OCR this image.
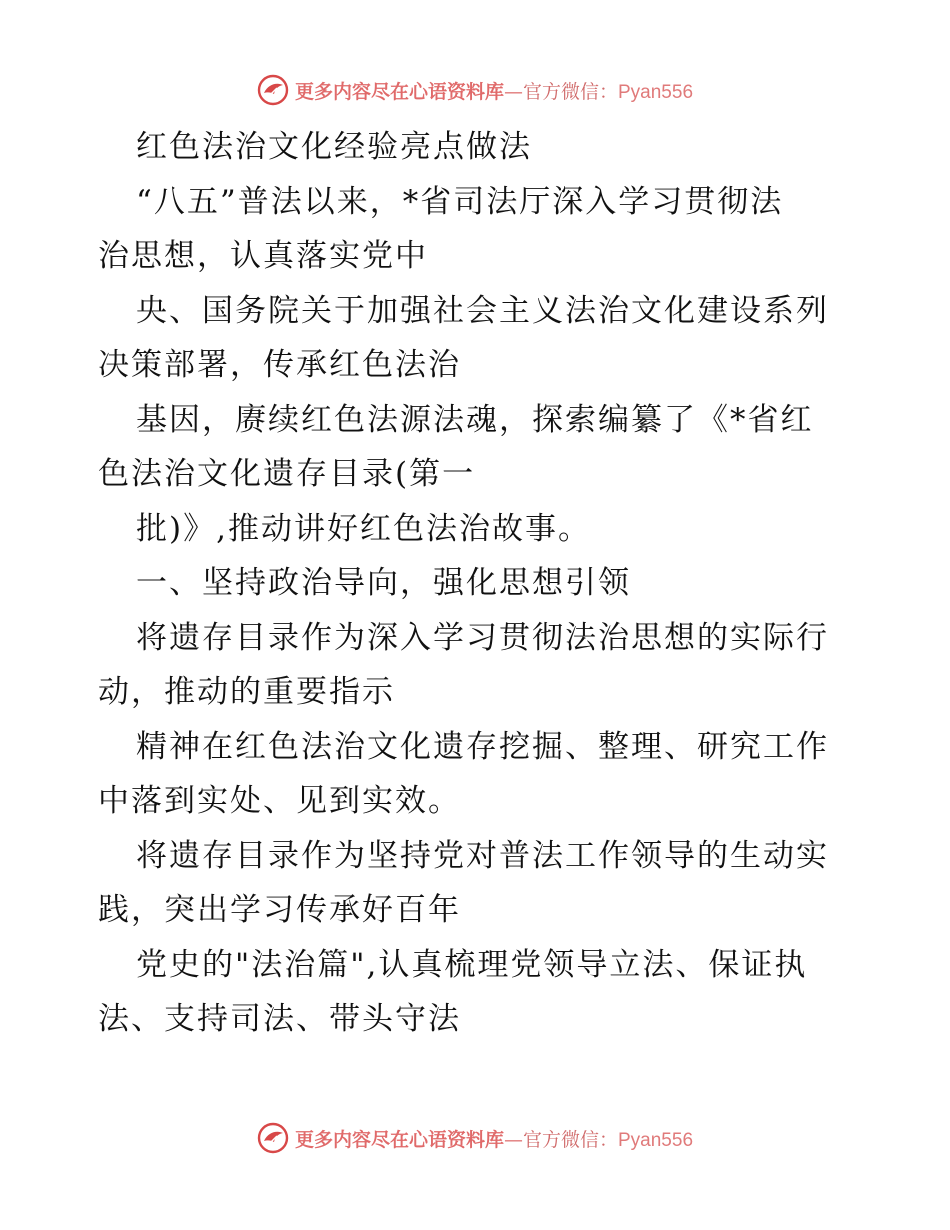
更多内容尽在心语资料库—官方微信：Pyan556
红色法治文化经验亮点做法
“八五”普法以来，*省司法厅深入学习贯彻法
治思想，认真落实党中
央、国务院关于加强社会主义法治文化建设系列
决策部署，传承红色法治
基因，赓续红色法源法魂，探索编纂了《*省红
色法治文化遗存目录(第一
批)》,推动讲好红色法治故事。
一、坚持政治导向，强化思想引领
将遗存目录作为深入学习贯彻法治思想的实际行
动，推动的重要指示
精神在红色法治文化遗存挖掘、整理、研究工作
中落到实处、见到实效。
将遗存目录作为坚持党对普法工作领导的生动实
践，突出学习传承好百年
党史的"法治篇",认真梳理党领导立法、保证执
法、支持司法、带头守法
更多内容尽在心语资料库—官方微信：Pyan556
